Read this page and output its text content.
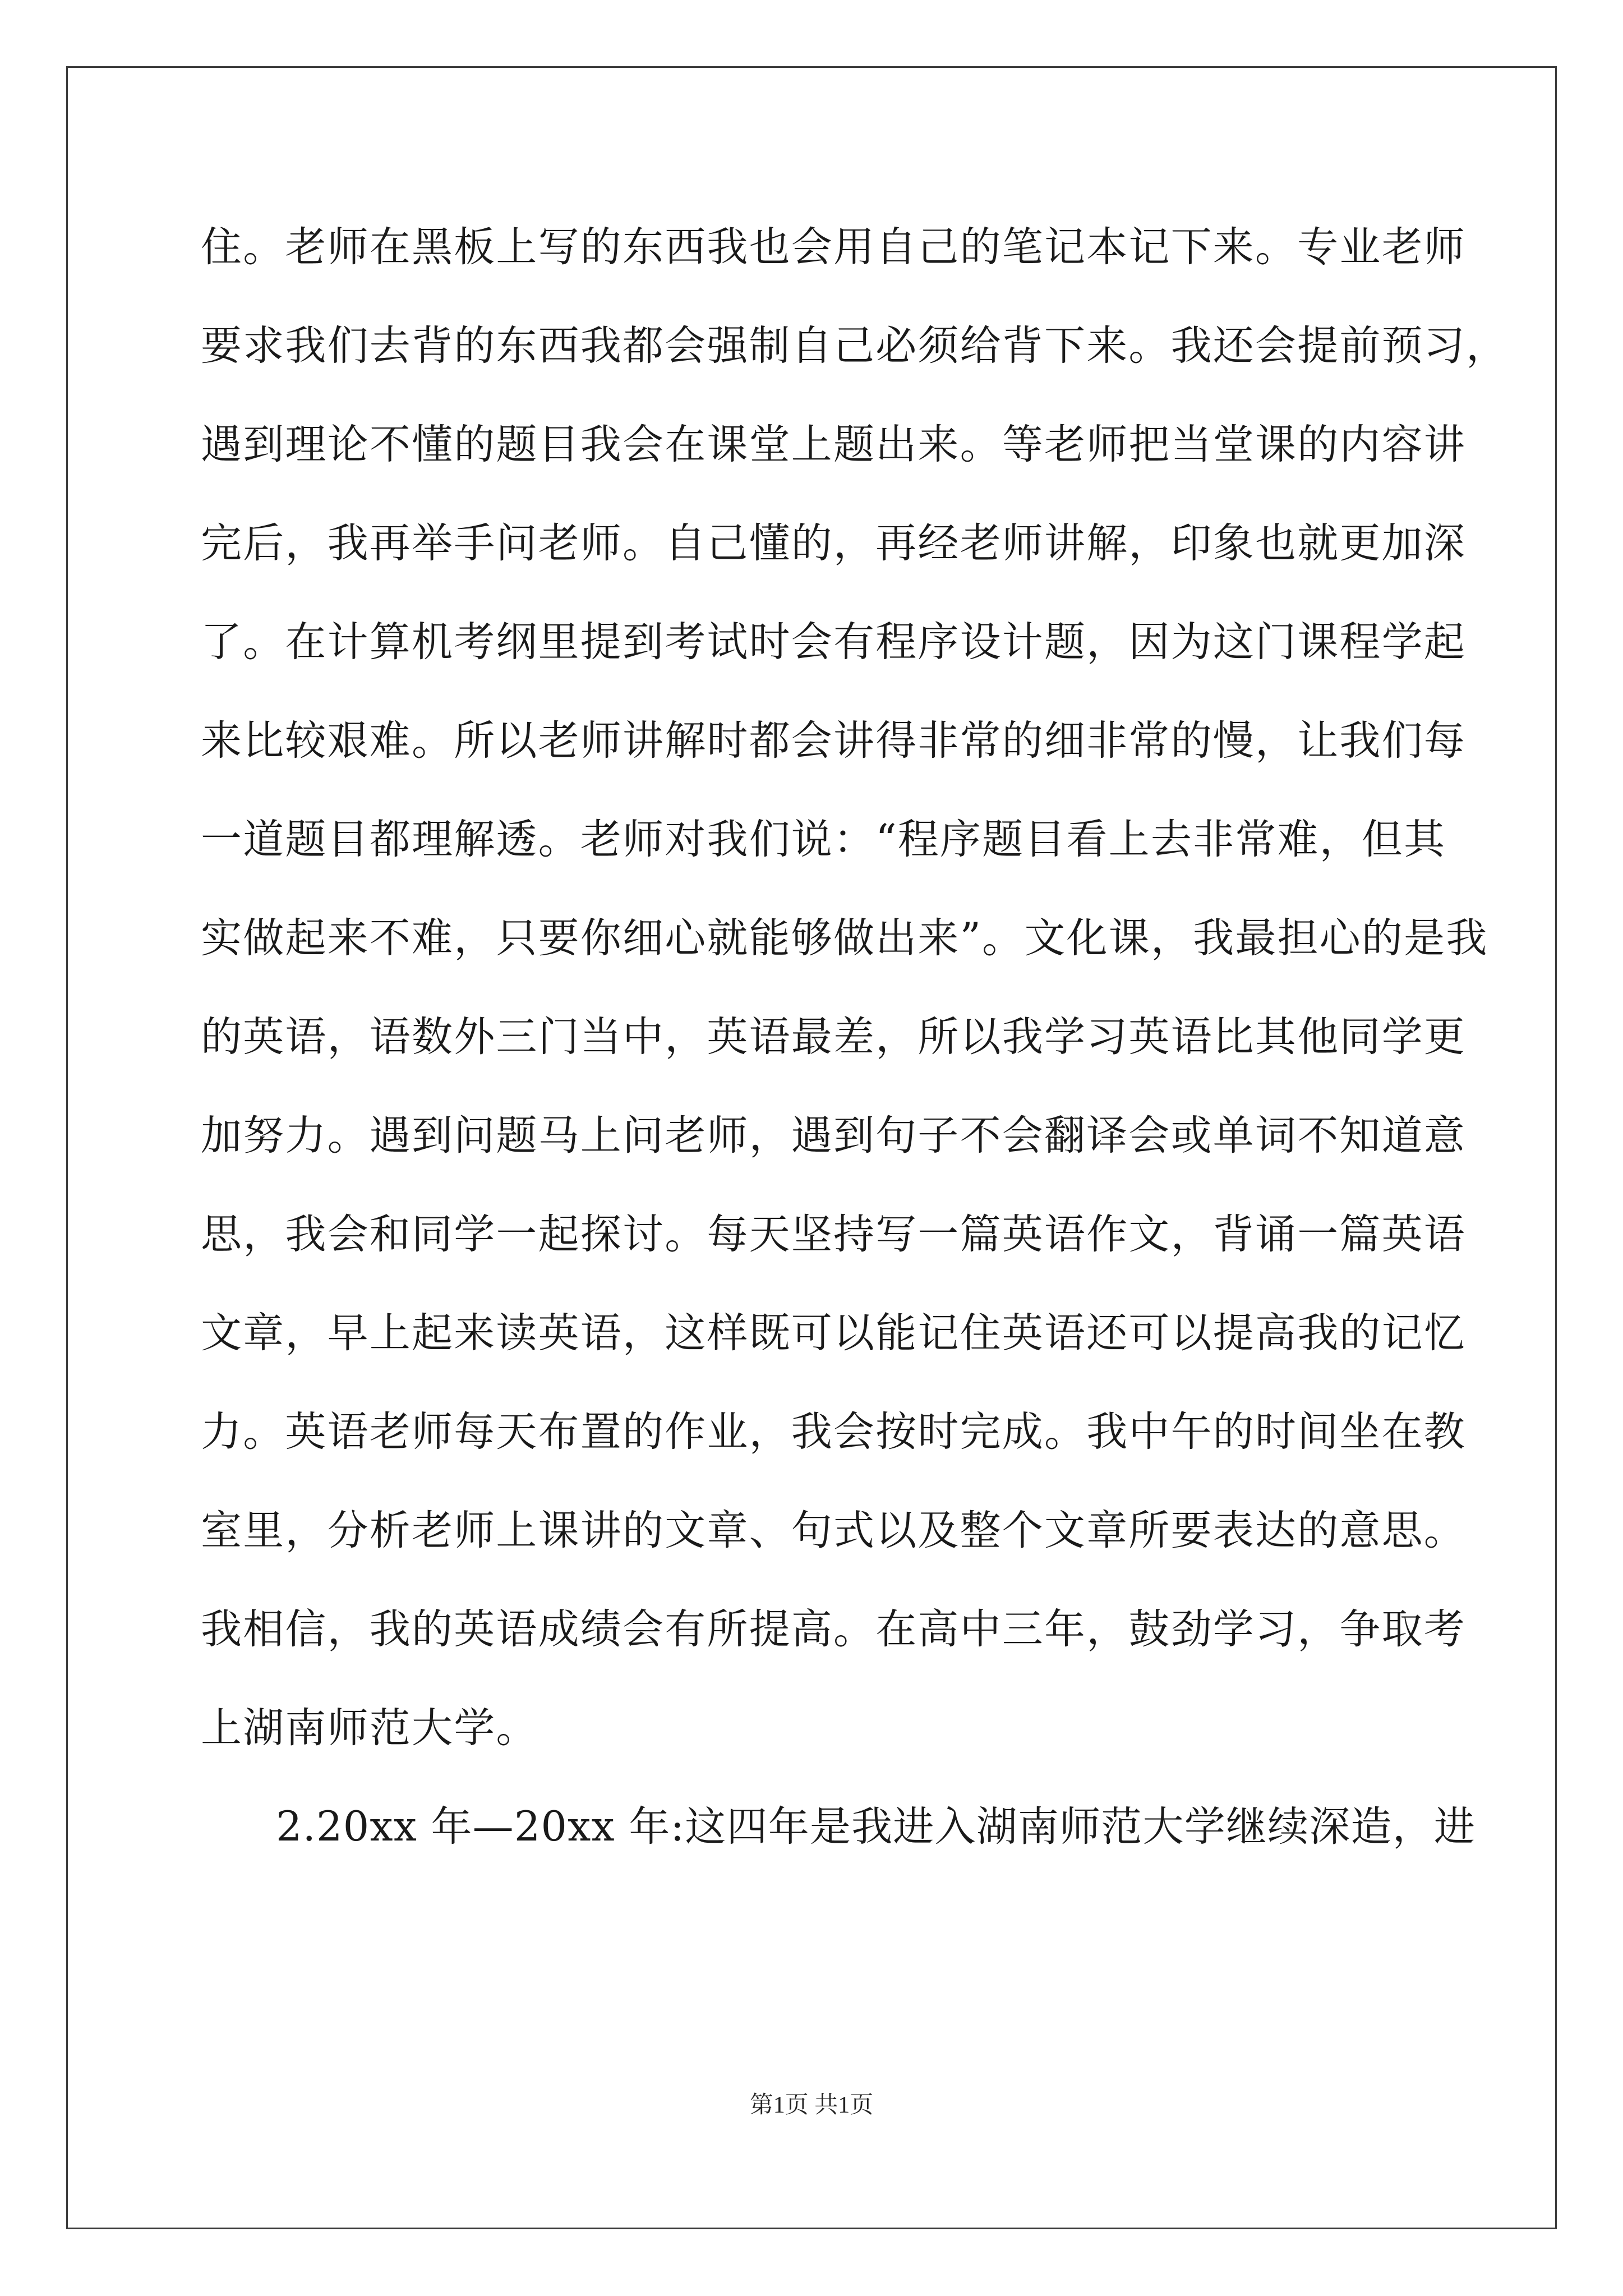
住。老师在黑板上写的东西我也会用自己的笔记本记下来。专业老师
要求我们去背的东西我都会强制自己必须给背下来。我还会提前预习，
遇到理论不懂的题目我会在课堂上题出来。等老师把当堂课的内容讲
完后，我再举手问老师。自己懂的，再经老师讲解，印象也就更加深
了。在计算机考纲里提到考试时会有程序设计题，因为这门课程学起
来比较艰难。所以老师讲解时都会讲得非常的细非常的慢，让我们每
一道题目都理解透。老师对我们说：“程序题目看上去非常难，但其
实做起来不难，只要你细心就能够做出来”。文化课，我最担心的是我
的英语，语数外三门当中，英语最差，所以我学习英语比其他同学更
加努力。遇到问题马上问老师，遇到句子不会翻译会或单词不知道意
思，我会和同学一起探讨。每天坚持写一篇英语作文，背诵一篇英语
文章，早上起来读英语，这样既可以能记住英语还可以提高我的记忆
力。英语老师每天布置的作业，我会按时完成。我中午的时间坐在教
室里，分析老师上课讲的文章、句式以及整个文章所要表达的意思。
我相信，我的英语成绩会有所提高。在高中三年，鼓劲学习，争取考
上湖南师范大学。
2.20xx 年—20xx 年:这四年是我进入湖南师范大学继续深造，进
第1页 共1页
